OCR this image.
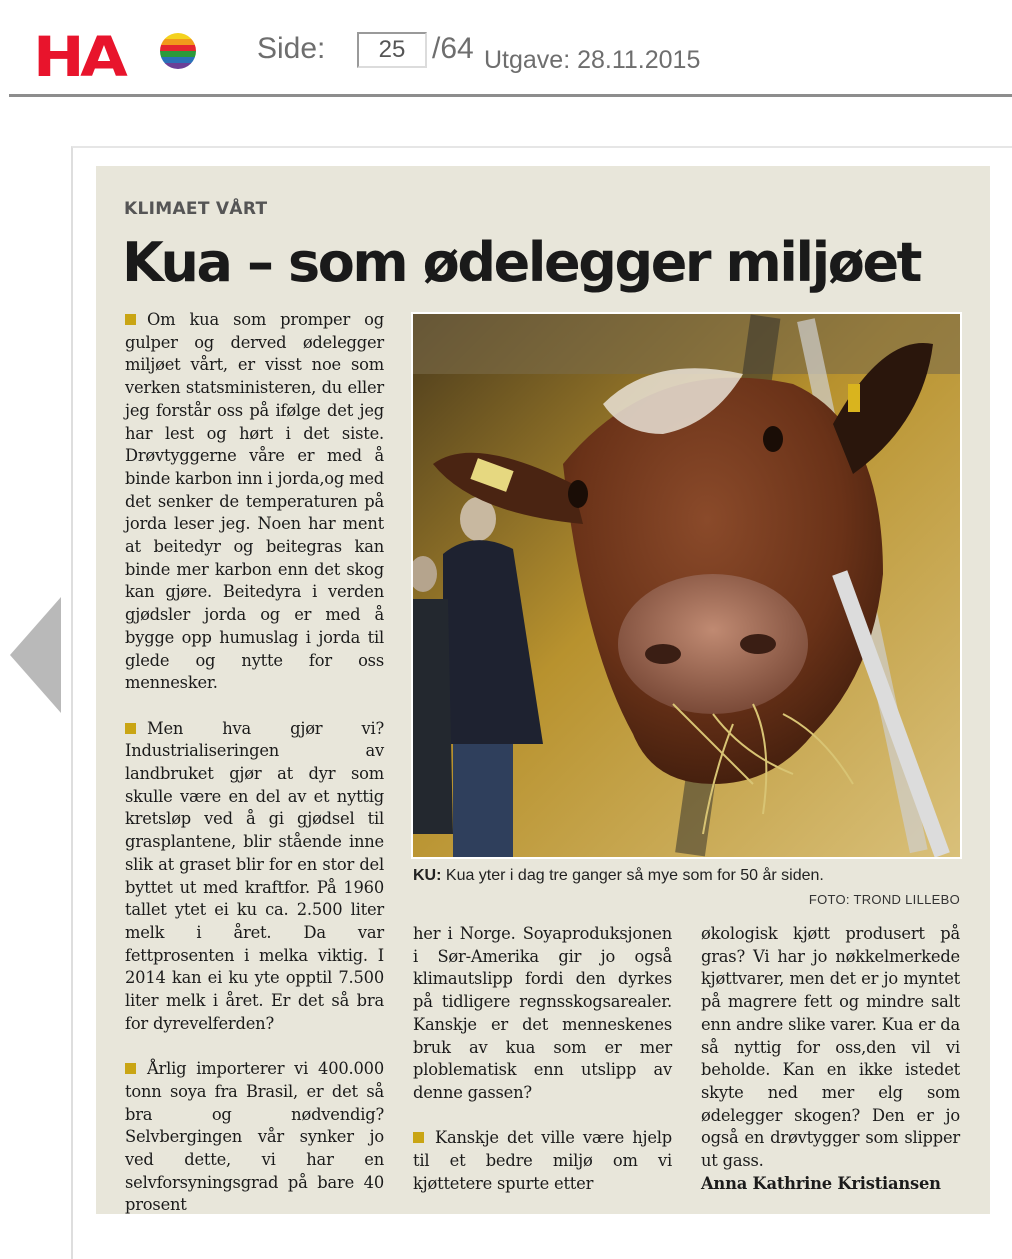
HA	Side:
25	/64 Utgave: 28.11.2015
KLIMAET VÅRT
Kua – som ødelegger miljøet

Om kua som promper og gulper og derved ødelegger miljøet vårt, er visst noe som verken statsministeren, du eller jeg forstår oss på ifølge det jeg har lest og hørt i det siste. Drøvtyggerne våre er med å binde karbon inn i jorda,og med det senker de temperaturen på jorda leser jeg. Noen har ment at beitedyr og beitegras kan binde mer karbon enn det skog kan gjøre. Beitedyra i verden gjødsler jorda og er med å bygge opp humuslag i jorda til glede og nytte for oss mennesker.

Men hva gjør vi? Industrialiseringen av landbruket gjør at dyr som skulle være en del av et nyttig kretsløp ved å gi gjødsel til grasplantene, blir stående inne slik at graset blir for en stor del byttet ut med kraftfor. På 1960 tallet ytet ei ku ca. 2.500 liter melk i året. Da var fettprosenten i melka viktig. I 2014 kan ei ku yte opptil 7.500 liter melk i året. Er det så bra for dyrevelferden?

Årlig importerer vi 400.000 tonn soya fra Brasil, er det så bra og nødvendig? Selvbergingen vår synker jo ved dette, vi har en selvforsyningsgrad på bare 40 prosent

KU: Kua yter i dag tre ganger så mye som for 50 år siden.
FOTO: TROND LILLEBO

her i Norge. Soyaproduksjonen i Sør-Amerika gir jo også klimautslipp fordi den dyrkes på tidligere regnsskogsarealer. Kanskje er det menneskenes bruk av kua som er mer ploblematisk enn utslipp av denne gassen?

Kanskje det ville være hjelp til et bedre miljø om vi kjøttetere spurte etter

økologisk kjøtt produsert på gras? Vi har jo nøkkelmerkede kjøttvarer, men det er jo myntet på magrere fett og mindre salt enn andre slike varer. Kua er da så nyttig for oss,den vil vi beholde. Kan en ikke istedet skyte ned mer elg som ødelegger skogen? Den er jo også en drøvtygger som slipper ut gass.

Anna Kathrine Kristiansen
